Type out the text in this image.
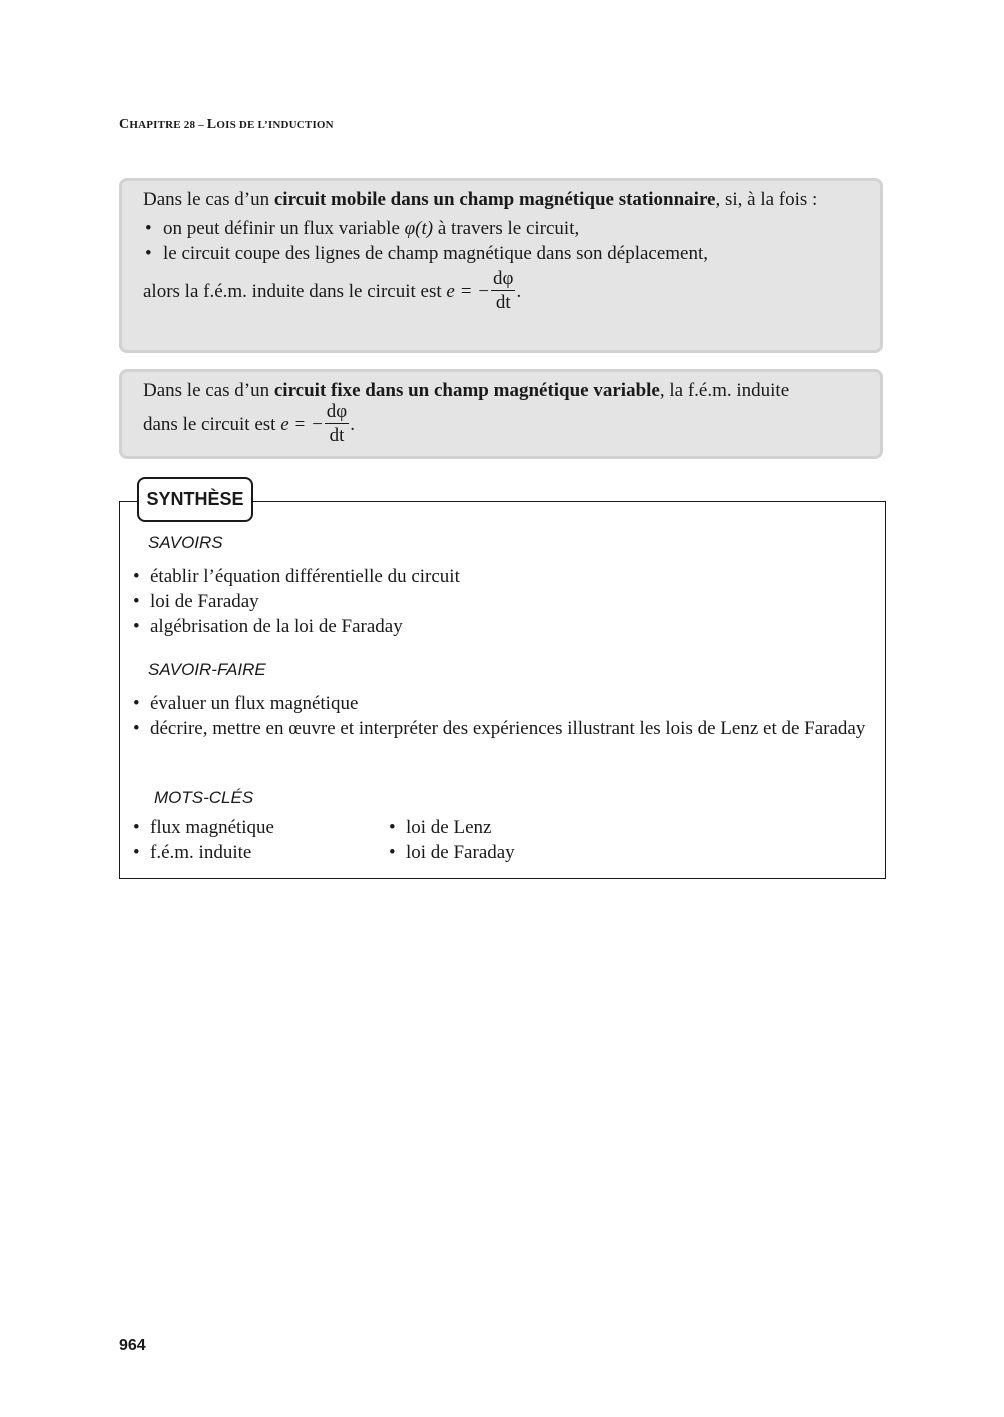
CHAPITRE 28 – LOIS DE L’INDUCTION

Dans le cas d’un circuit mobile dans un champ magnétique stationnaire, si, à la fois :

• on peut définir un flux variable φ(t) à travers le circuit,
• le circuit coupe des lignes de champ magnétique dans son déplacement,
alors la f.é.m. induite dans le circuit est
e = − $\frac{d\varphi}{dt}$ .

Dans le cas d’un circuit fixe dans un champ magnétique variable, la f.é.m. induite

dans le circuit est
e = − $\frac{d\varphi}{dt}$ .
SYNTHÈSE
SAVOIRS
• établir l’équation différentielle du circuit
• loi de Faraday
• algébrisation de la loi de Faraday
SAVOIR-FAIRE
• évaluer un flux magnétique
• décrire, mettre en œuvre et interpréter des expériences illustrant les lois de Lenz et de Faraday
MOTS-CLÉS
• flux magnétique
• f.é.m. induite
• loi de Lenz
• loi de Faraday
964
